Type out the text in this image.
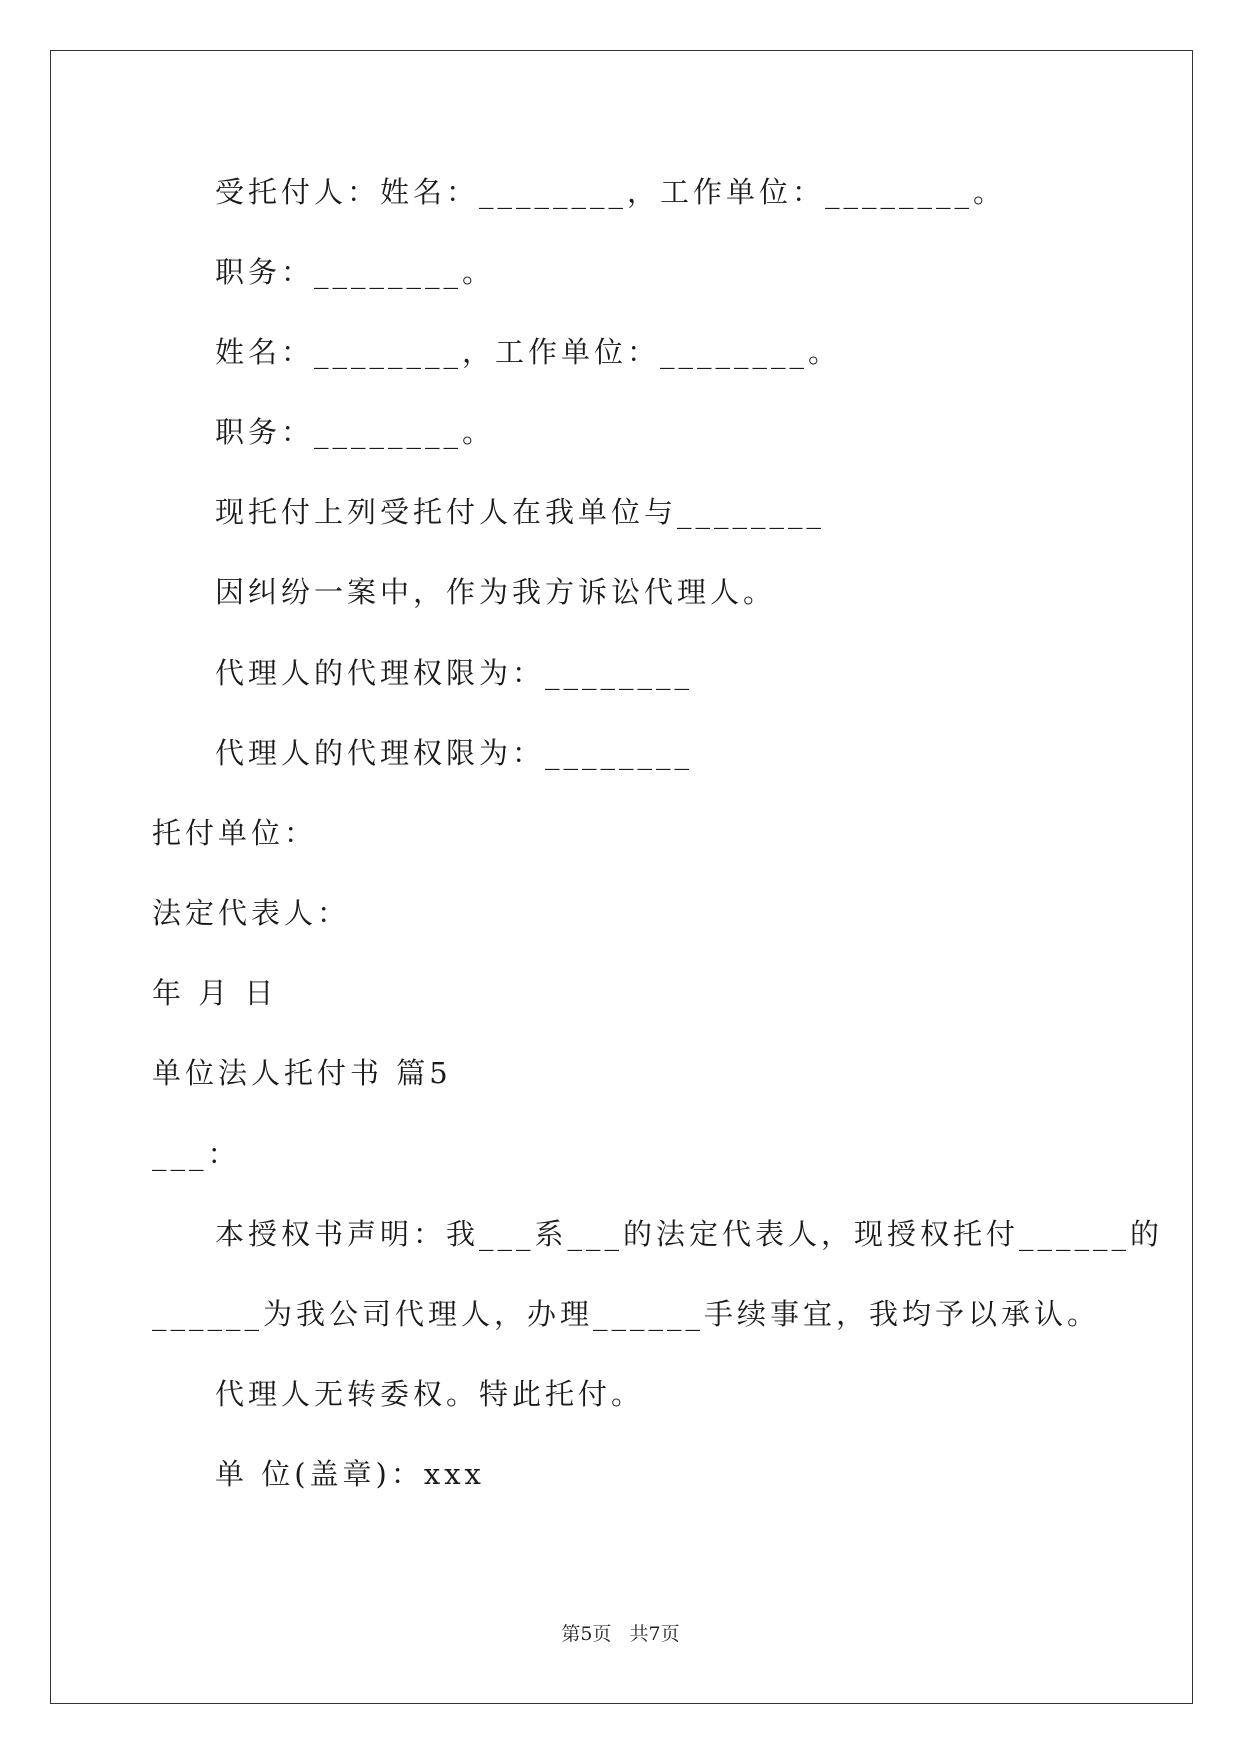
受托付人：姓名：________，工作单位：________。
职务：________。
姓名：________，工作单位：________。
职务：________。
现托付上列受托付人在我单位与________
因纠纷一案中，作为我方诉讼代理人。
代理人的代理权限为：________
代理人的代理权限为：________
托付单位：
法定代表人：
年 月 日
单位法人托付书 篇5
___：
本授权书声明：我___系___的法定代表人，现授权托付______的
______为我公司代理人，办理______手续事宜，我均予以承认。
代理人无转委权。特此托付。
单 位(盖章)：xxx
第5页   共7页
